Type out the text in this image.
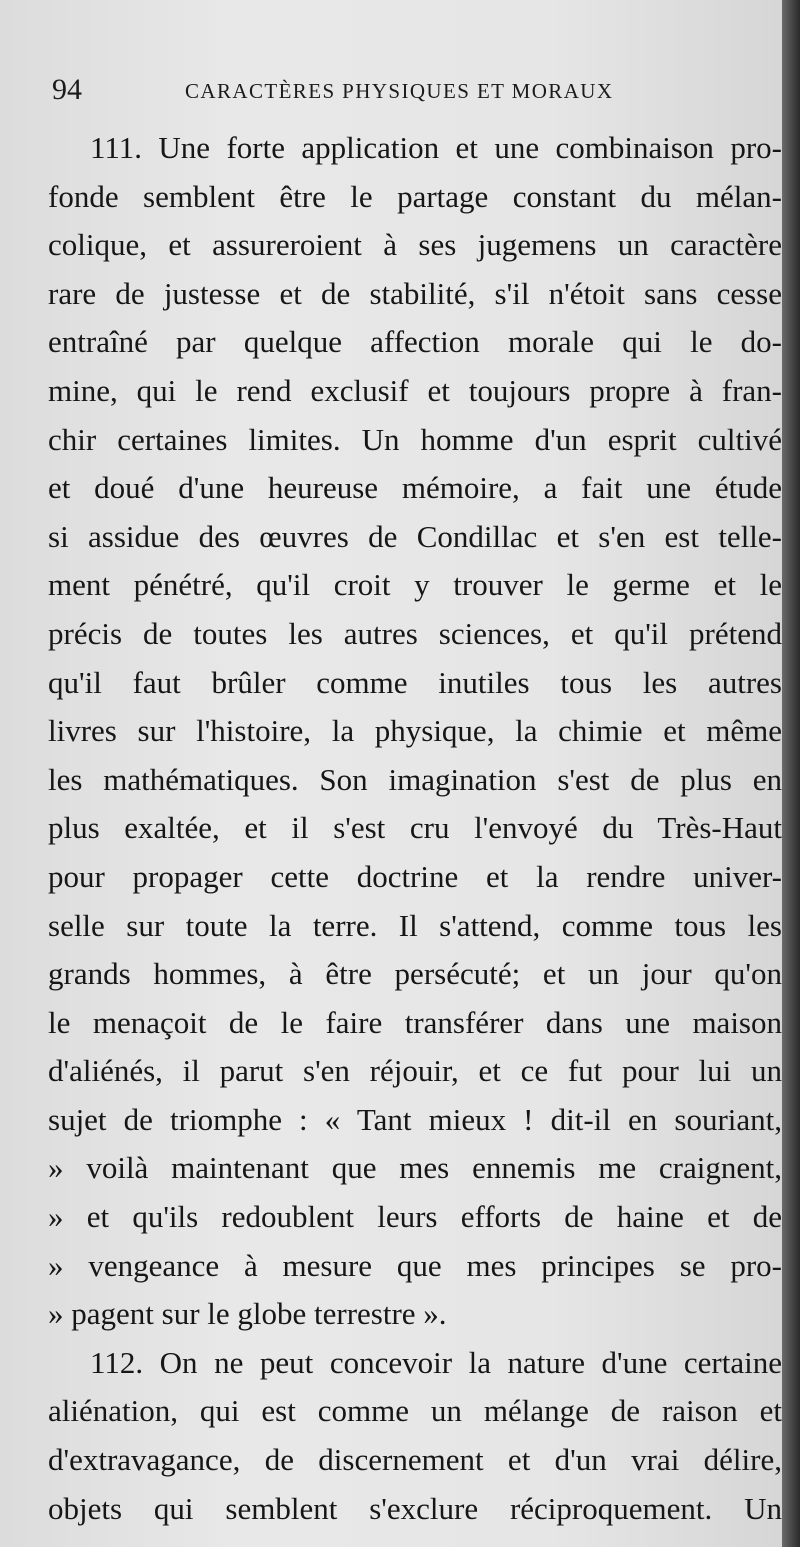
94	CARACTÈRES PHYSIQUES ET MORAUX
111. Une forte application et une combinaison pro-
fonde semblent être le partage constant du mélan-
colique, et assureroient à ses jugemens un caractère
rare de justesse et de stabilité, s'il n'étoit sans cesse
entraîné par quelque affection morale qui le do-
mine, qui le rend exclusif et toujours propre à fran-
chir certaines limites. Un homme d'un esprit cultivé
et doué d'une heureuse mémoire, a fait une étude
si assidue des œuvres de Condillac et s'en est telle-
ment pénétré, qu'il croit y trouver le germe et le
précis de toutes les autres sciences, et qu'il prétend
qu'il faut brûler comme inutiles tous les autres
livres sur l'histoire, la physique, la chimie et même
les mathématiques. Son imagination s'est de plus en
plus exaltée, et il s'est cru l'envoyé du Très-Haut
pour propager cette doctrine et la rendre univer-
selle sur toute la terre. Il s'attend, comme tous les
grands hommes, à être persécuté; et un jour qu'on
le menaçoit de le faire transférer dans une maison
d'aliénés, il parut s'en réjouir, et ce fut pour lui un
sujet de triomphe : « Tant mieux ! dit-il en souriant,
» voilà maintenant que mes ennemis me craignent,
» et qu'ils redoublent leurs efforts de haine et de
» vengeance à mesure que mes principes se pro-
» pagent sur le globe terrestre ».
112. On ne peut concevoir la nature d'une certaine
aliénation, qui est comme un mélange de raison et
d'extravagance, de discernement et d'un vrai délire,
objets qui semblent s'exclure réciproquement. Un
